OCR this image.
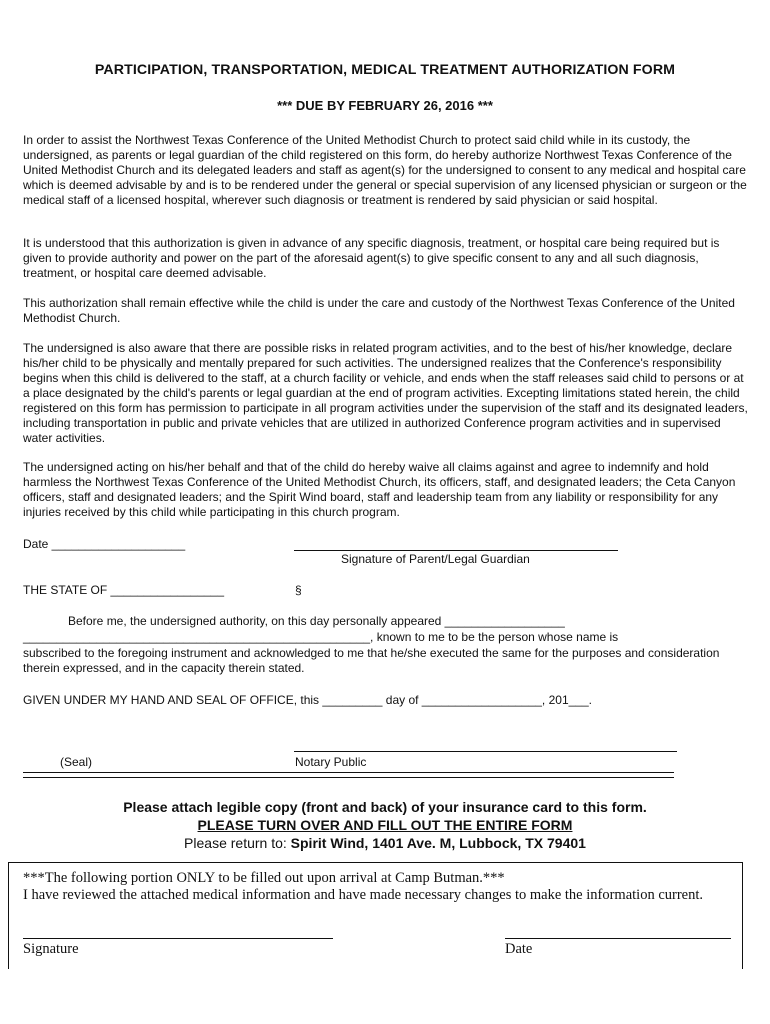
PARTICIPATION, TRANSPORTATION, MEDICAL TREATMENT AUTHORIZATION FORM
*** DUE BY FEBRUARY 26, 2016 ***

In order to assist the Northwest Texas Conference of the United Methodist Church to protect said child while in its custody, the undersigned, as parents or legal guardian of the child registered on this form, do hereby authorize Northwest Texas Conference of the United Methodist Church and its delegated leaders and staff as agent(s) for the undersigned to consent to any medical and hospital care which is deemed advisable by and is to be rendered under the general or special supervision of any licensed physician or surgeon or the medical staff of a licensed hospital, wherever such diagnosis or treatment is rendered by said physician or said hospital.

It is understood that this authorization is given in advance of any specific diagnosis, treatment, or hospital care being required but is given to provide authority and power on the part of the aforesaid agent(s) to give specific consent to any and all such diagnosis, treatment, or hospital care deemed advisable.

This authorization shall remain effective while the child is under the care and custody of the Northwest Texas Conference of the United Methodist Church.

The undersigned is also aware that there are possible risks in related program activities, and to the best of his/her knowledge, declare his/her child to be physically and mentally prepared for such activities. The undersigned realizes that the Conference's responsibility begins when this child is delivered to the staff, at a church facility or vehicle, and ends when the staff releases said child to persons or at a place designated by the child's parents or legal guardian at the end of program activities. Excepting limitations stated herein, the child registered on this form has permission to participate in all program activities under the supervision of the staff and its designated leaders, including transportation in public and private vehicles that are utilized in authorized Conference program activities and in supervised water activities.

The undersigned acting on his/her behalf and that of the child do hereby waive all claims against and agree to indemnify and hold harmless the Northwest Texas Conference of the United Methodist Church, its officers, staff, and designated leaders; the Ceta Canyon officers, staff and designated leaders; and the Spirit Wind board, staff and leadership team from any liability or responsibility for any injuries received by this child while participating in this church program.

Date ____________________
Signature of Parent/Legal Guardian
THE STATE OF _________________	§
Before me, the undersigned authority, on this day personally appeared __________________
____________________________________________________, known to me to be the person whose name is

subscribed to the foregoing instrument and acknowledged to me that he/she executed the same for the purposes and consideration therein expressed, and in the capacity therein stated.

GIVEN UNDER MY HAND AND SEAL OF OFFICE, this _________ day of __________________, 201___.
(Seal)	Notary Public
Please attach legible copy (front and back) of your insurance card to this form.
PLEASE TURN OVER AND FILL OUT THE ENTIRE FORM
Please return to: Spirit Wind, 1401 Ave. M, Lubbock, TX 79401
***The following portion ONLY to be filled out upon arrival at Camp Butman.***
I have reviewed the attached medical information and have made necessary changes to make the information current.
Signature	Date
